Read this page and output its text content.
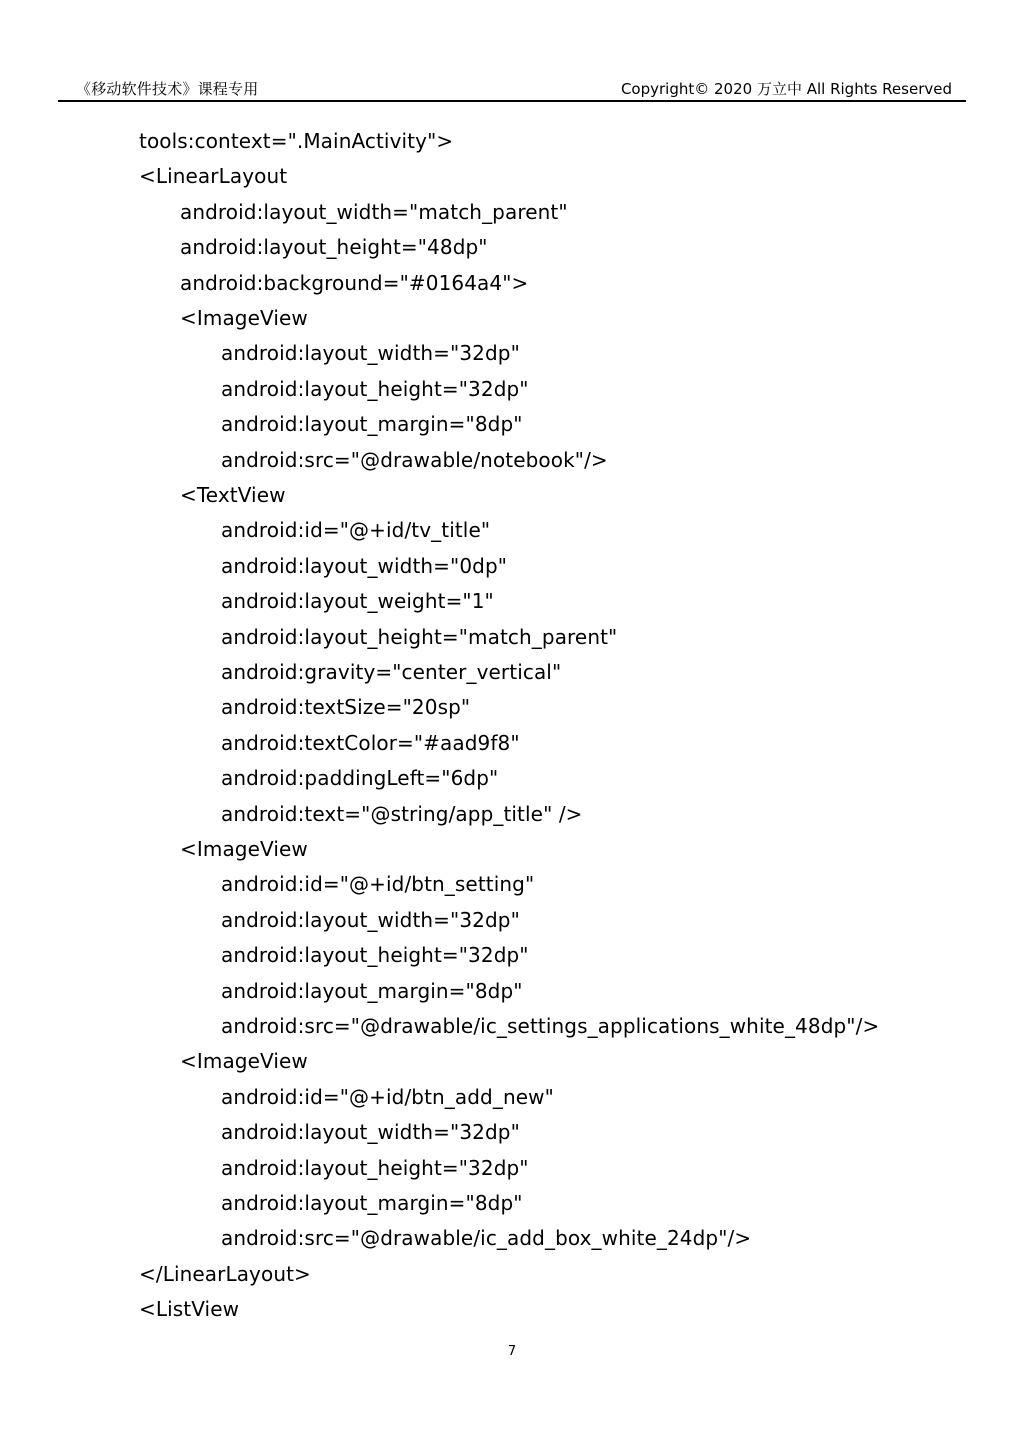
《移动软件技术》课程专用	Copyright© 2020 万立中 All Rights Reserved
tools:context=".MainActivity">
<LinearLayout
android:layout_width="match_parent"
android:layout_height="48dp"
android:background="#0164a4">
<ImageView
android:layout_width="32dp"
android:layout_height="32dp"
android:layout_margin="8dp"
android:src="@drawable/notebook"/>
<TextView
android:id="@+id/tv_title"
android:layout_width="0dp"
android:layout_weight="1"
android:layout_height="match_parent"
android:gravity="center_vertical"
android:textSize="20sp"
android:textColor="#aad9f8"
android:paddingLeft="6dp"
android:text="@string/app_title" />
<ImageView
android:id="@+id/btn_setting"
android:layout_width="32dp"
android:layout_height="32dp"
android:layout_margin="8dp"
android:src="@drawable/ic_settings_applications_white_48dp"/>
<ImageView
android:id="@+id/btn_add_new"
android:layout_width="32dp"
android:layout_height="32dp"
android:layout_margin="8dp"
android:src="@drawable/ic_add_box_white_24dp"/>
</LinearLayout>
<ListView
7
